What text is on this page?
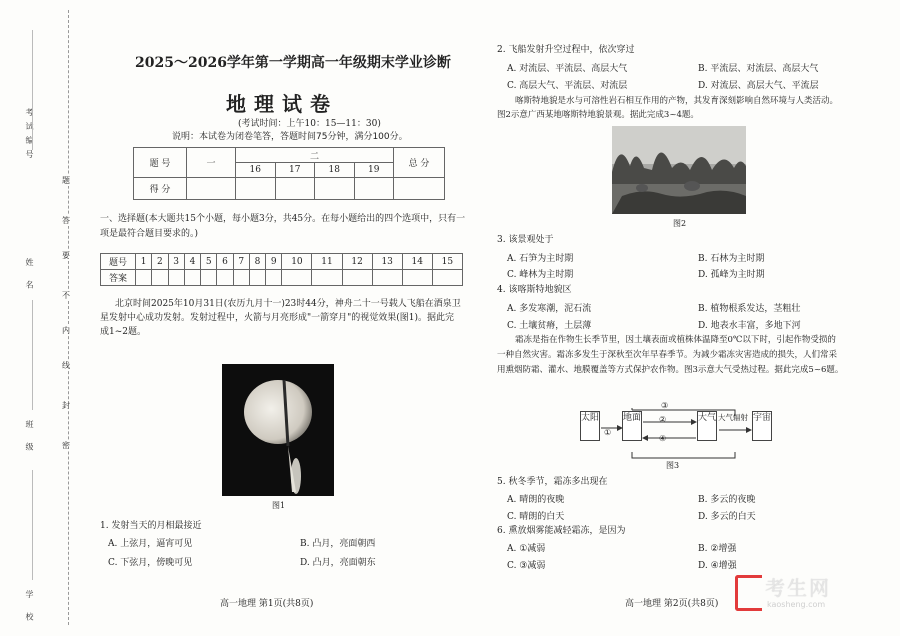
考试编号
姓 名
班 级
学 校
题
答
要
不
内
线
封
密
2025～2026学年第一学期高一年级期末学业诊断
地理试卷
(考试时间：上午10：15—11：30)
说明：本试卷为闭卷笔答，答题时间75分钟，满分100分。
题 号	一	二				总 分
		16	17	18	19	
得 分						
一、选择题(本大题共15个小题，每小题3分，共45分。在每小题给出的四个选项中，只有一
项是最符合题目要求的。)
题号	1	2	3	4	5	6	7	8	9	10	11	12	13	14	15
答案															
北京时间2025年10月31日(农历九月十一)23时44分，神舟二十一号载人飞船在酒泉卫
星发射中心成功发射。发射过程中，火箭与月亮形成"一箭穿月"的视觉效果(图1)。据此完
成1~2题。
图1
1. 发射当天的月相最接近
A. 上弦月，逼宵可见	B. 凸月，亮面朝西
C. 下弦月，傍晚可见	D. 凸月，亮面朝东
高一地理 第1页(共8页)
2. 飞船发射升空过程中，依次穿过
A. 对流层、平流层、高层大气	B. 平流层、对流层、高层大气
C. 高层大气、平流层、对流层	D. 对流层、高层大气、平流层
喀斯特地貌是水与可溶性岩石相互作用的产物，其发育深刻影响自然环境与人类活动。
图2示意广西某地喀斯特地貌景观。据此完成3~4题。
图2
3. 该景观处于
A. 石笋为主时期	B. 石林为主时期
C. 峰林为主时期	D. 孤峰为主时期
4. 该喀斯特地貌区
A. 多发寒潮，泥石流	B. 植物根系发达，茎粗壮
C. 土壤贫瘠，土层薄	D. 地表水丰富，多地下河
霜冻是指在作物生长季节里，因土壤表面或植株体温降至0℃以下时，引起作物受损的
一种自然灾害。霜冻多发生于深秋至次年早春季节。为减少霜冻灾害造成的损失，人们常采
用熏烟防霜、灌水、地膜覆盖等方式保护农作物。图3示意大气受热过程。据此完成5~6题。
太阳	地面	大气	宇宙
大气辐射
①
②
③
④
图3
5. 秋冬季节，霜冻多出现在
A. 晴朗的夜晚	B. 多云的夜晚
C. 晴朗的白天	D. 多云的白天
6. 熏放烟雾能减轻霜冻，是因为
A. ①减弱	B. ②增强
C. ③减弱	D. ④增强
高一地理 第2页(共8页)
考生网
kaosheng.com
